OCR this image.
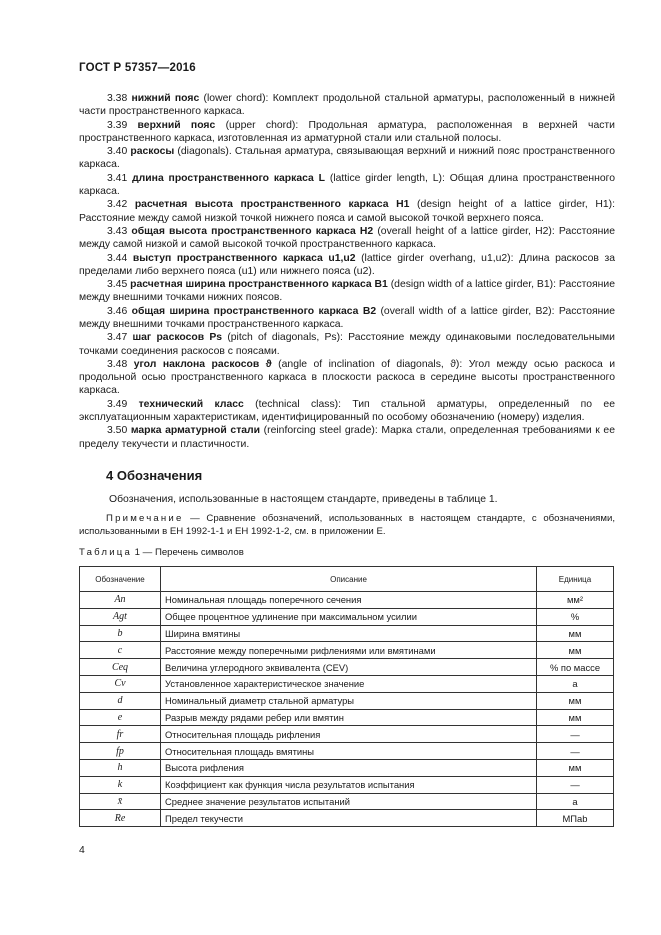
ГОСТ Р 57357—2016

3.38 нижний пояс (lower chord): Комплект продольной стальной арматуры, расположенный в нижней части пространственного каркаса.

3.39 верхний пояс (upper chord): Продольная арматура, расположенная в верхней части пространственного каркаса, изготовленная из арматурной стали или стальной полосы.

3.40 раскосы (diagonals). Стальная арматура, связывающая верхний и нижний пояс пространственного каркаса.

3.41 длина пространственного каркаса L (lattice girder length, L): Общая длина пространственного каркаса.

3.42 расчетная высота пространственного каркаса H1 (design height of a lattice girder, H1): Расстояние между самой низкой точкой нижнего пояса и самой высокой точкой верхнего пояса.

3.43 общая высота пространственного каркаса H2 (overall height of a lattice girder, H2): Расстояние между самой низкой и самой высокой точкой пространственного каркаса.

3.44 выступ пространственного каркаса u1,u2 (lattice girder overhang, u1,u2): Длина раскосов за пределами либо верхнего пояса (u1) или нижнего пояса (u2).

3.45 расчетная ширина пространственного каркаса B1 (design width of a lattice girder, B1): Расстояние между внешними точками нижних поясов.

3.46 общая ширина пространственного каркаса B2 (overall width of a lattice girder, B2): Расстояние между внешними точками пространственного каркаса.

3.47 шаг раскосов Ps (pitch of diagonals, Ps): Расстояние между одинаковыми последовательными точками соединения раскосов с поясами.

3.48 угол наклона раскосов ϑ (angle of inclination of diagonals, ϑ): Угол между осью раскоса и продольной осью пространственного каркаса в плоскости раскоса в середине высоты пространственного каркаса.

3.49 технический класс (technical class): Тип стальной арматуры, определенный по ее эксплуатационным характеристикам, идентифицированный по особому обозначению (номеру) изделия.

3.50 марка арматурной стали (reinforcing steel grade): Марка стали, определенная требованиями к ее пределу текучести и пластичности.

4 Обозначения
Обозначения, использованные в настоящем стандарте, приведены в таблице 1.
Примечание — Сравнение обозначений, использованных в настоящем стандарте, с обозначениями, использованными в ЕН 1992-1-1 и ЕН 1992-1-2, см. в приложении Е.
Таблица 1 — Перечень символов
Обозначение	Описание	Единица
An	Номинальная площадь поперечного сечения	мм²
Agt	Общее процентное удлинение при максимальном усилии	%
b	Ширина вмятины	мм
c	Расстояние между поперечными рифлениями или вмятинами	мм
Ceq	Величина углеродного эквивалента (CEV)	% по массе
Cv	Установленное характеристическое значение	a
d	Номинальный диаметр стальной арматуры	мм
e	Разрыв между рядами ребер или вмятин	мм
fr	Относительная площадь рифления	—
fp	Относительная площадь вмятины	—
h	Высота рифления	мм
k	Коэффициент как функция числа результатов испытания	—
x̄	Среднее значение результатов испытаний	a
Re	Предел текучести	МПаb
4
